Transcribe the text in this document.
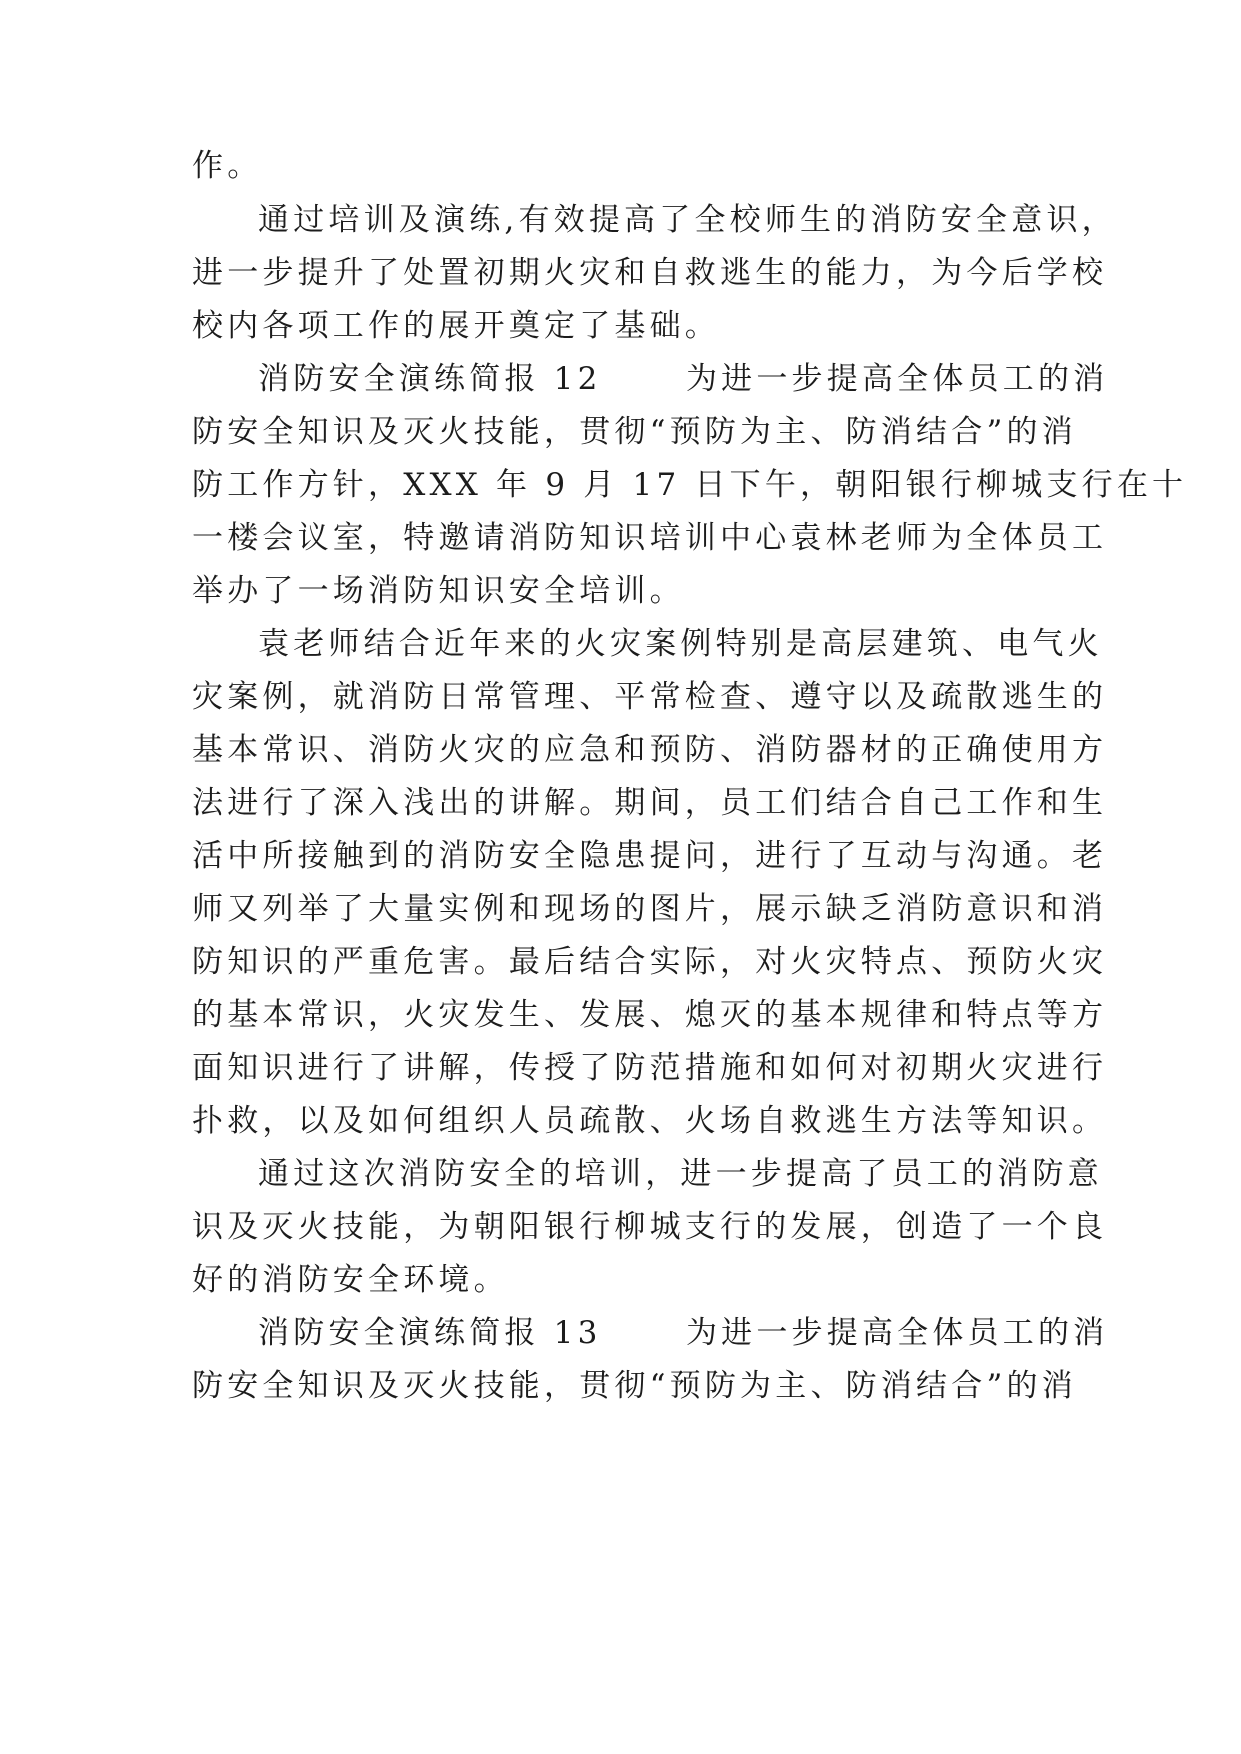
作。
通过培训及演练,有效提高了全校师生的消防安全意识，
进一步提升了处置初期火灾和自救逃生的能力，为今后学校
校内各项工作的展开奠定了基础。
消防安全演练简报 12　　 为进一步提高全体员工的消
防安全知识及灭火技能，贯彻“预防为主、防消结合”的消
防工作方针，XXX 年 9 月 17 日下午，朝阳银行柳城支行在十
一楼会议室，特邀请消防知识培训中心袁林老师为全体员工
举办了一场消防知识安全培训。
袁老师结合近年来的火灾案例特别是高层建筑、电气火
灾案例，就消防日常管理、平常检查、遵守以及疏散逃生的
基本常识、消防火灾的应急和预防、消防器材的正确使用方
法进行了深入浅出的讲解。期间，员工们结合自己工作和生
活中所接触到的消防安全隐患提问，进行了互动与沟通。老
师又列举了大量实例和现场的图片，展示缺乏消防意识和消
防知识的严重危害。最后结合实际，对火灾特点、预防火灾
的基本常识，火灾发生、发展、熄灭的基本规律和特点等方
面知识进行了讲解，传授了防范措施和如何对初期火灾进行
扑救，以及如何组织人员疏散、火场自救逃生方法等知识。
通过这次消防安全的培训，进一步提高了员工的消防意
识及灭火技能，为朝阳银行柳城支行的发展，创造了一个良
好的消防安全环境。
消防安全演练简报 13　　 为进一步提高全体员工的消
防安全知识及灭火技能，贯彻“预防为主、防消结合”的消
